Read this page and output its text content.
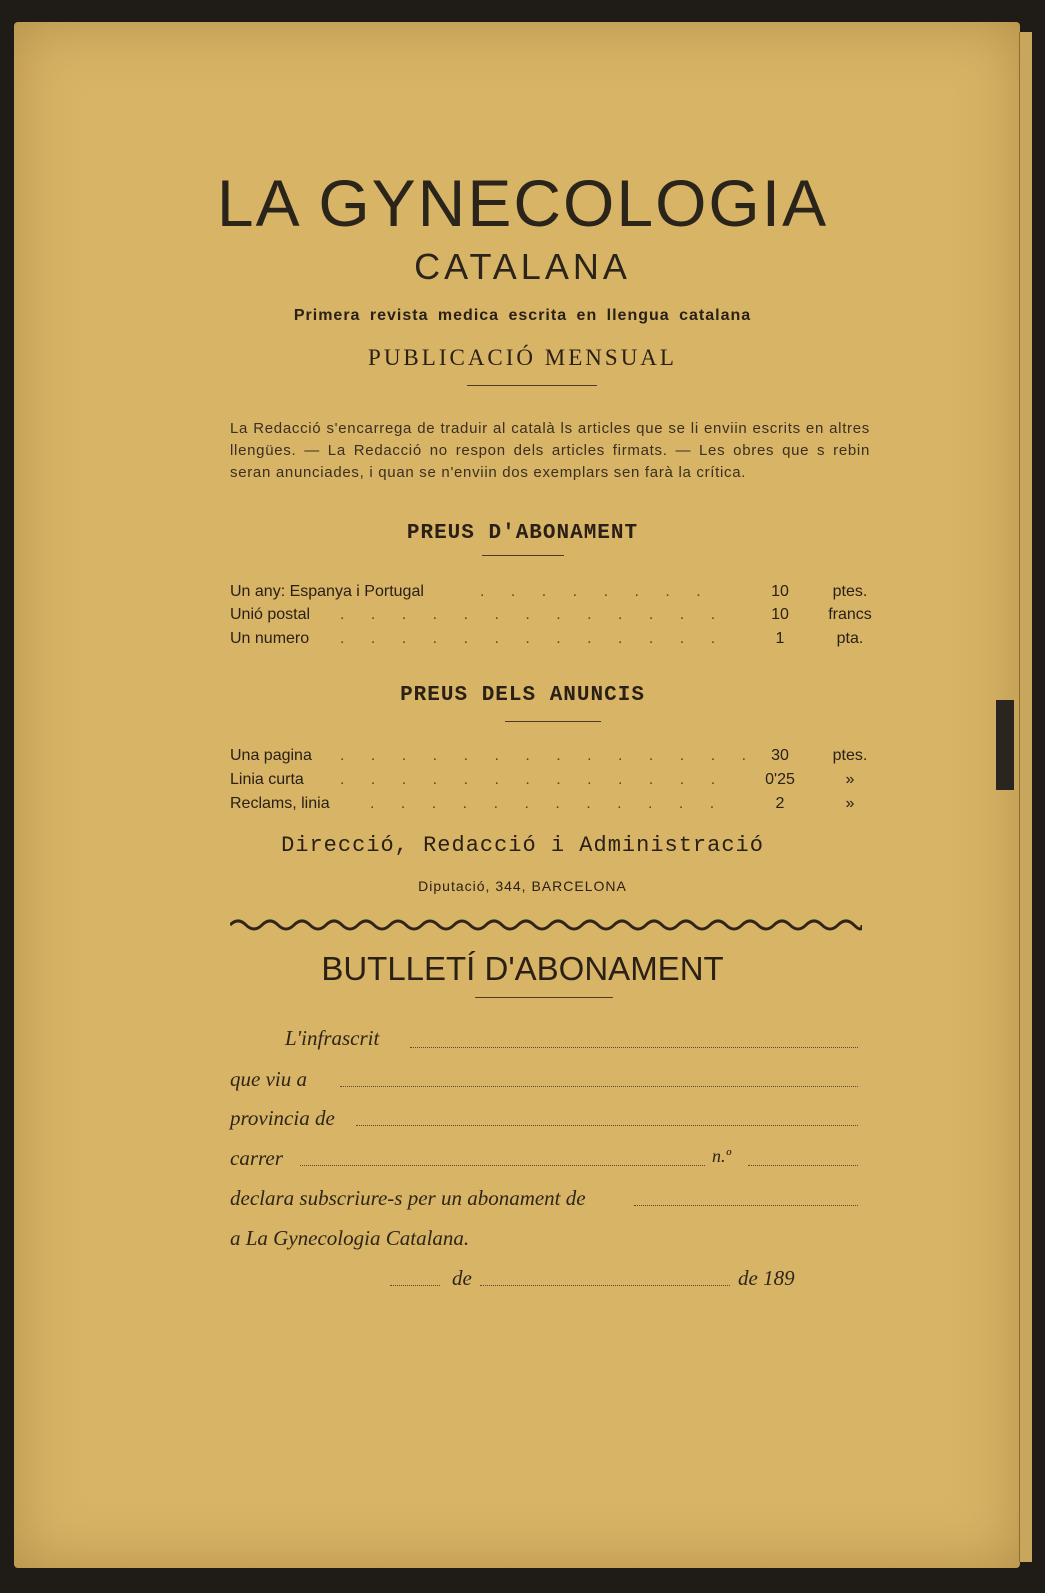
LA GYNECOLOGIA
CATALANA
Primera revista medica escrita en llengua catalana
PUBLICACIÓ MENSUAL
La Redacció s'encarrega de traduir al català ls articles que se li enviin escrits en altres llengües. — La Redacció no respon dels articles firmats. — Les obres que s rebin seran anunciades, i quan se n'enviin dos exemplars sen farà la crítica.
PREUS D'ABONAMENT
Un any: Espanya i Portugal	. . . . . . . .	10	ptes.
Unió postal . . . . . . . . . . . . .	10	francs
Un numero . . . . . . . . . . . . .	1	pta.
PREUS DELS ANUNCIS
Una pagina . . . . . . . . . . . . . . 30	ptes.
Linia curta . . . . . . . . . . . . .	0'25	»
Reclams, linia	. . . . . . . . . . . .	2	»
Direcció, Redacció i Administració
Diputació, 344, BARCELONA
BUTLLETÍ D'ABONAMENT
L'infrascrit
que viu a
provincia de
carrer	n.º
declara subscriure-s per un abonament de
a La Gynecologia Catalana.
de	de 189
